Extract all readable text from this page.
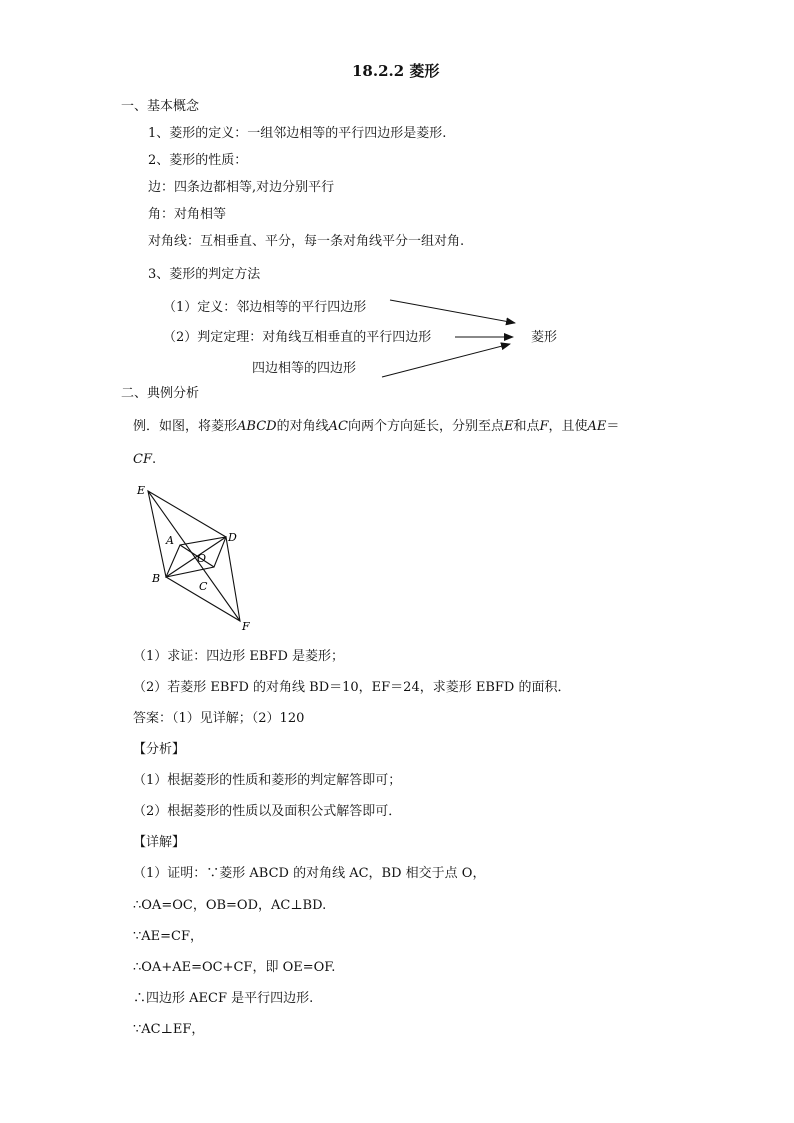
18.2.2 菱形
一、基本概念
1、菱形的定义：一组邻边相等的平行四边形是菱形.
2、菱形的性质：
边：四条边都相等,对边分别平行
角：对角相等
对角线：互相垂直、平分，每一条对角线平分一组对角.
3、菱形的判定方法
（1）定义：邻边相等的平行四边形
（2）判定定理：对角线互相垂直的平行四边形
四边相等的四边形
菱形
二、典例分析
例．如图，将菱形ABCD的对角线AC向两个方向延长，分别至点E和点F，且使AE＝
CF.
E
A
O
D
B
C
F
（1）求证：四边形 EBFD 是菱形；
（2）若菱形 EBFD 的对角线 BD＝10，EF＝24，求菱形 EBFD 的面积．
答案：（1）见详解；（2）120
【分析】
（1）根据菱形的性质和菱形的判定解答即可；
（2）根据菱形的性质以及面积公式解答即可．
【详解】
（1）证明：∵菱形 ABCD 的对角线 AC，BD 相交于点 O，
∴OA=OC，OB=OD，AC⊥BD.
∵AE=CF，
∴OA+AE=OC+CF，即 OE=OF.
∴四边形 AECF 是平行四边形.
∵AC⊥EF，
